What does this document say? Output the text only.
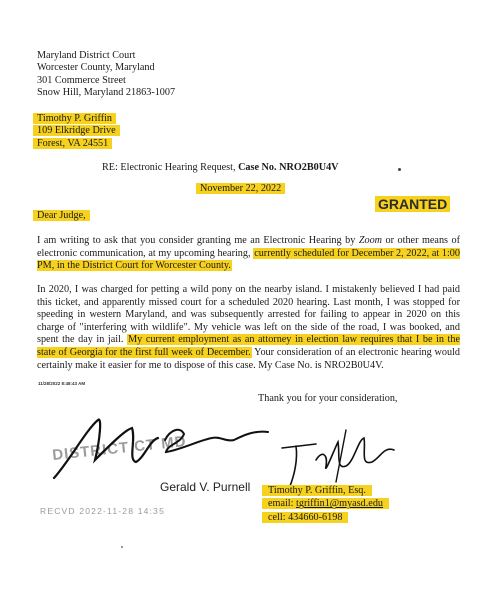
Maryland District Court
Worcester County, Maryland
301 Commerce Street
Snow Hill, Maryland 21863-1007
Timothy P. Griffin
109 Elkridge Drive
Forest, VA 24551
RE: Electronic Hearing Request, Case No. NRO2B0U4V
November 22, 2022
GRANTED
Dear Judge,
I am writing to ask that you consider granting me an Electronic Hearing by Zoom or other means of electronic communication, at my upcoming hearing, currently scheduled for December 2, 2022, at 1:00 PM, in the District Court for Worcester County.
In 2020, I was charged for petting a wild pony on the nearby island. I mistakenly believed I had paid this ticket, and apparently missed court for a scheduled 2020 hearing. Last month, I was stopped for speeding in western Maryland, and was subsequently arrested for failing to appear in 2020 on this charge of "interfering with wildlife". My vehicle was left on the side of the road, I was booked, and spent the day in jail. My current employment as an attorney in election law requires that I be in the state of Georgia for the first full week of December. Your consideration of an electronic hearing would certainly make it easier for me to dispose of this case. My Case No. is NRO2B0U4V.
11/28/2022 8:48:43 AM
Thank you for your consideration,
DISTRICT CT MD
Gerald V. Purnell
RECVD 2022-11-28 14:35
Timothy P. Griffin, Esq.
email: tgriffin1@myasd.edu
cell: 434660-6198
